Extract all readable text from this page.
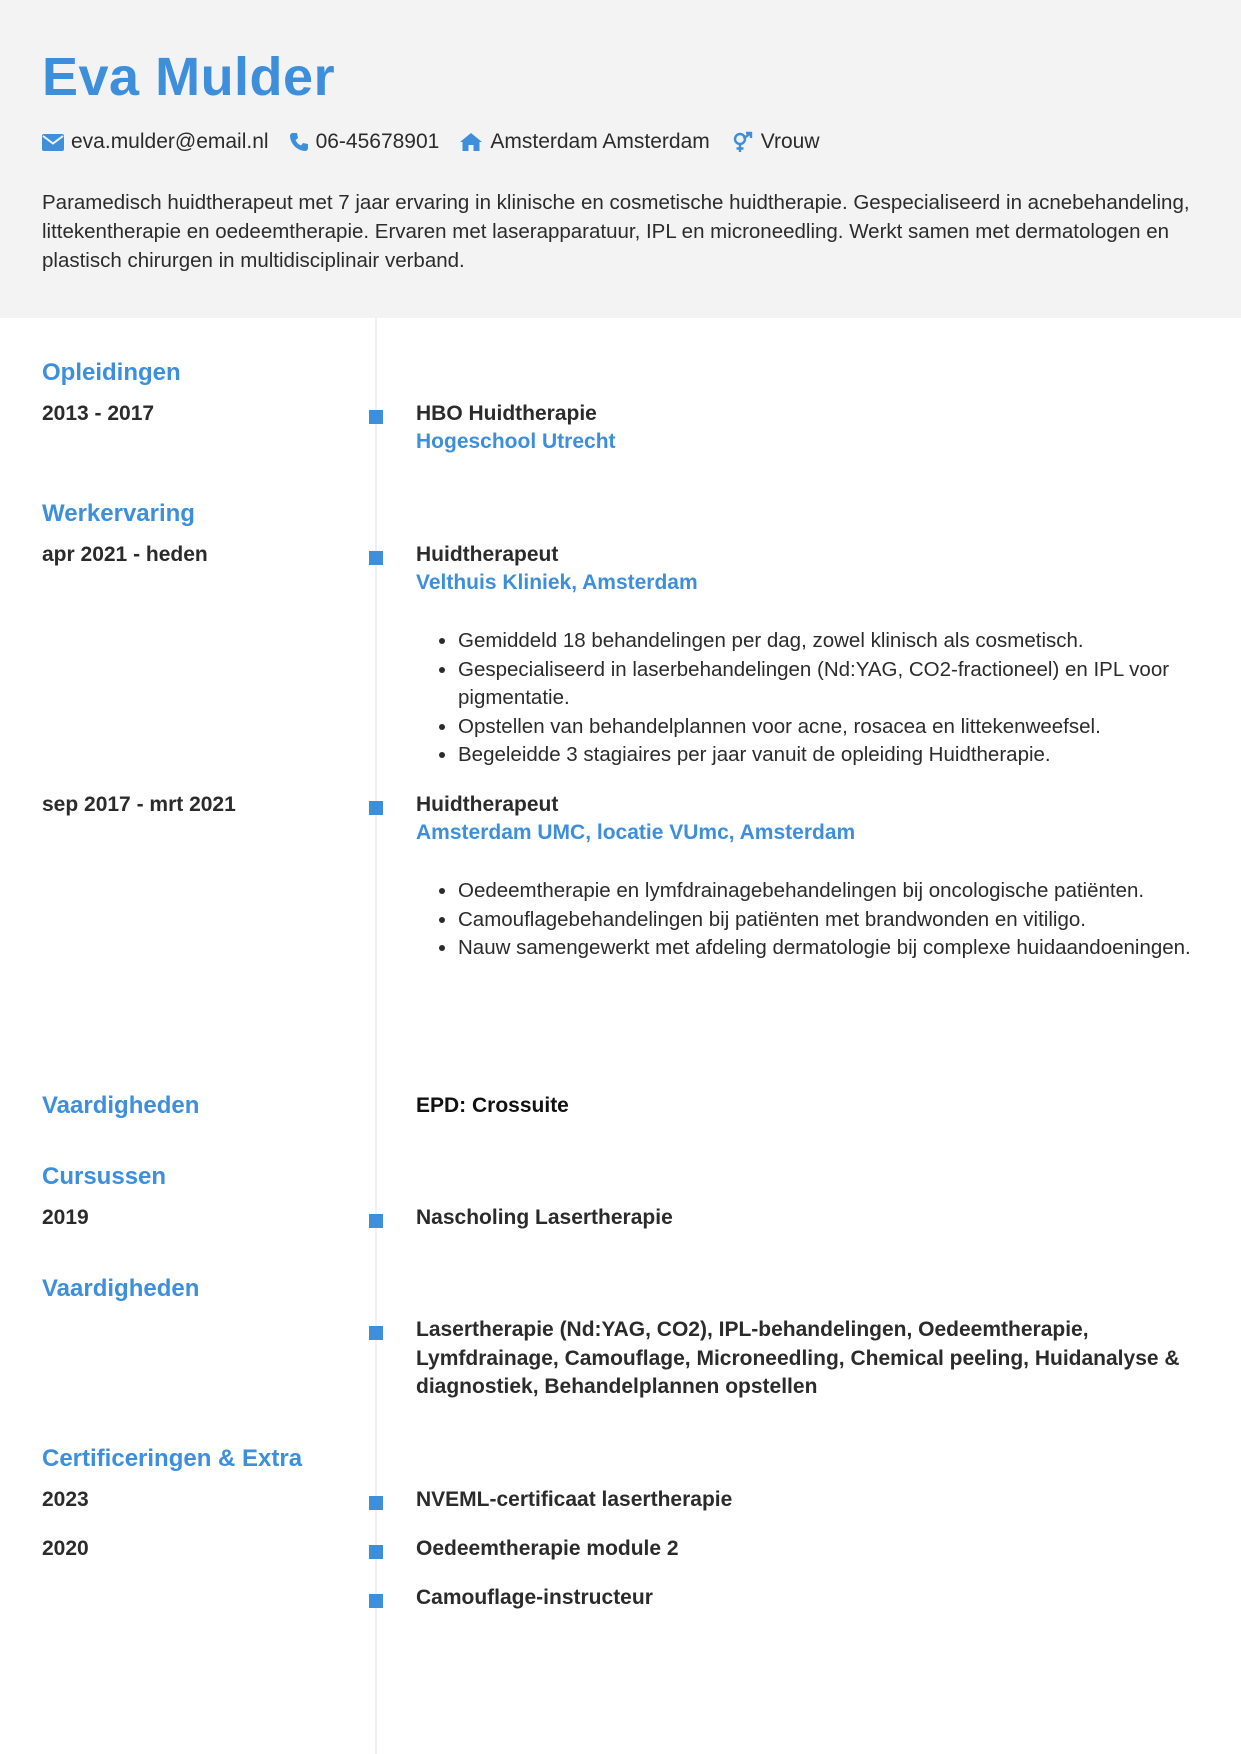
Eva Mulder
eva.mulder@email.nl 06-45678901 Amsterdam Amsterdam Vrouw

Paramedisch huidtherapeut met 7 jaar ervaring in klinische en cosmetische huidtherapie. Gespecialiseerd in acnebehandeling, littekentherapie en oedeemtherapie. Ervaren met laserapparatuur, IPL en microneedling. Werkt samen met dermatologen en plastisch chirurgen in multidisciplinair verband.

Opleidingen
2013 - 2017	HBO Huidtherapie
Hogeschool Utrecht
Werkervaring
apr 2021 - heden	Huidtherapeut
Velthuis Kliniek, Amsterdam
• Gemiddeld 18 behandelingen per dag, zowel klinisch als cosmetisch.
• Gespecialiseerd in laserbehandelingen (Nd:YAG, CO2-fractioneel) en IPL voor pigmentatie.
• Opstellen van behandelplannen voor acne, rosacea en littekenweefsel.
• Begeleidde 3 stagiaires per jaar vanuit de opleiding Huidtherapie.
sep 2017 - mrt 2021	Huidtherapeut
Amsterdam UMC, locatie VUmc, Amsterdam
• Oedeemtherapie en lymfdrainagebehandelingen bij oncologische patiënten.
• Camouflagebehandelingen bij patiënten met brandwonden en vitiligo.
• Nauw samengewerkt met afdeling dermatologie bij complexe huidaandoeningen.
Vaardigheden	EPD: Crossuite
Cursussen
2019	Nascholing Lasertherapie
Vaardigheden
Lasertherapie (Nd:YAG, CO2), IPL-behandelingen, Oedeemtherapie, Lymfdrainage, Camouflage, Microneedling, Chemical peeling, Huidanalyse & diagnostiek, Behandelplannen opstellen
Certificeringen & Extra
2023	NVEML-certificaat lasertherapie
2020	Oedeemtherapie module 2
Camouflage-instructeur
